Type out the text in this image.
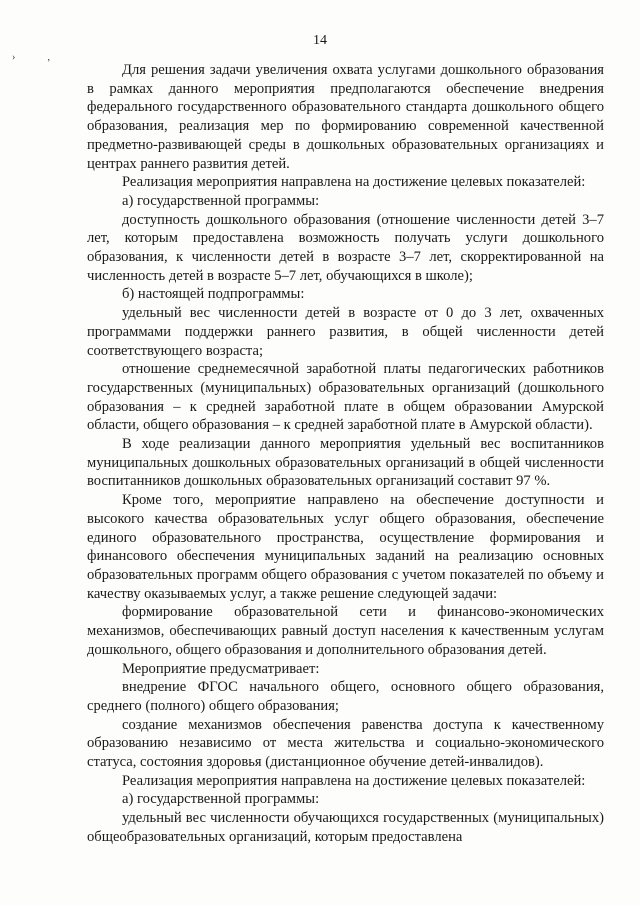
14
›	‚

Для решения задачи увеличения охвата услугами дошкольного образования в рамках данного мероприятия предполагаются обеспечение внедрения федерального государственного образовательного стандарта дошкольного общего образования, реализация мер по формированию современной качественной предметно-развивающей среды в дошкольных образовательных организациях и центрах раннего развития детей.

Реализация мероприятия направлена на достижение целевых показателей:

а) государственной программы:

доступность дошкольного образования (отношение численности детей 3–7 лет, которым предоставлена возможность получать услуги дошкольного образования, к численности детей в возрасте 3–7 лет, скорректированной на численность детей в возрасте 5–7 лет, обучающихся в школе);

б) настоящей подпрограммы:

удельный вес численности детей в возрасте от 0 до 3 лет, охваченных программами поддержки раннего развития, в общей численности детей соответствующего возраста;

отношение среднемесячной заработной платы педагогических работников государственных (муниципальных) образовательных организаций (дошкольного образования – к средней заработной плате в общем образовании Амурской области, общего образования – к средней заработной плате в Амурской области).

В ходе реализации данного мероприятия удельный вес воспитанников муниципальных дошкольных образовательных организаций в общей численности воспитанников дошкольных образовательных организаций составит 97 %.

Кроме того, мероприятие направлено на обеспечение доступности и высокого качества образовательных услуг общего образования, обеспечение единого образовательного пространства, осуществление формирования и финансового обеспечения муниципальных заданий на реализацию основных образовательных программ общего образования с учетом показателей по объему и качеству оказываемых услуг, а также решение следующей задачи:

формирование образовательной сети и финансово-экономических механизмов, обеспечивающих равный доступ населения к качественным услугам дошкольного, общего образования и дополнительного образования детей.

Мероприятие предусматривает:

внедрение ФГОС начального общего, основного общего образования, среднего (полного) общего образования;

создание механизмов обеспечения равенства доступа к качественному образованию независимо от места жительства и социально-экономического статуса, состояния здоровья (дистанционное обучение детей-инвалидов).

Реализация мероприятия направлена на достижение целевых показателей:

а) государственной программы:

удельный вес численности обучающихся государственных (муниципальных) общеобразовательных организаций, которым предоставлена
